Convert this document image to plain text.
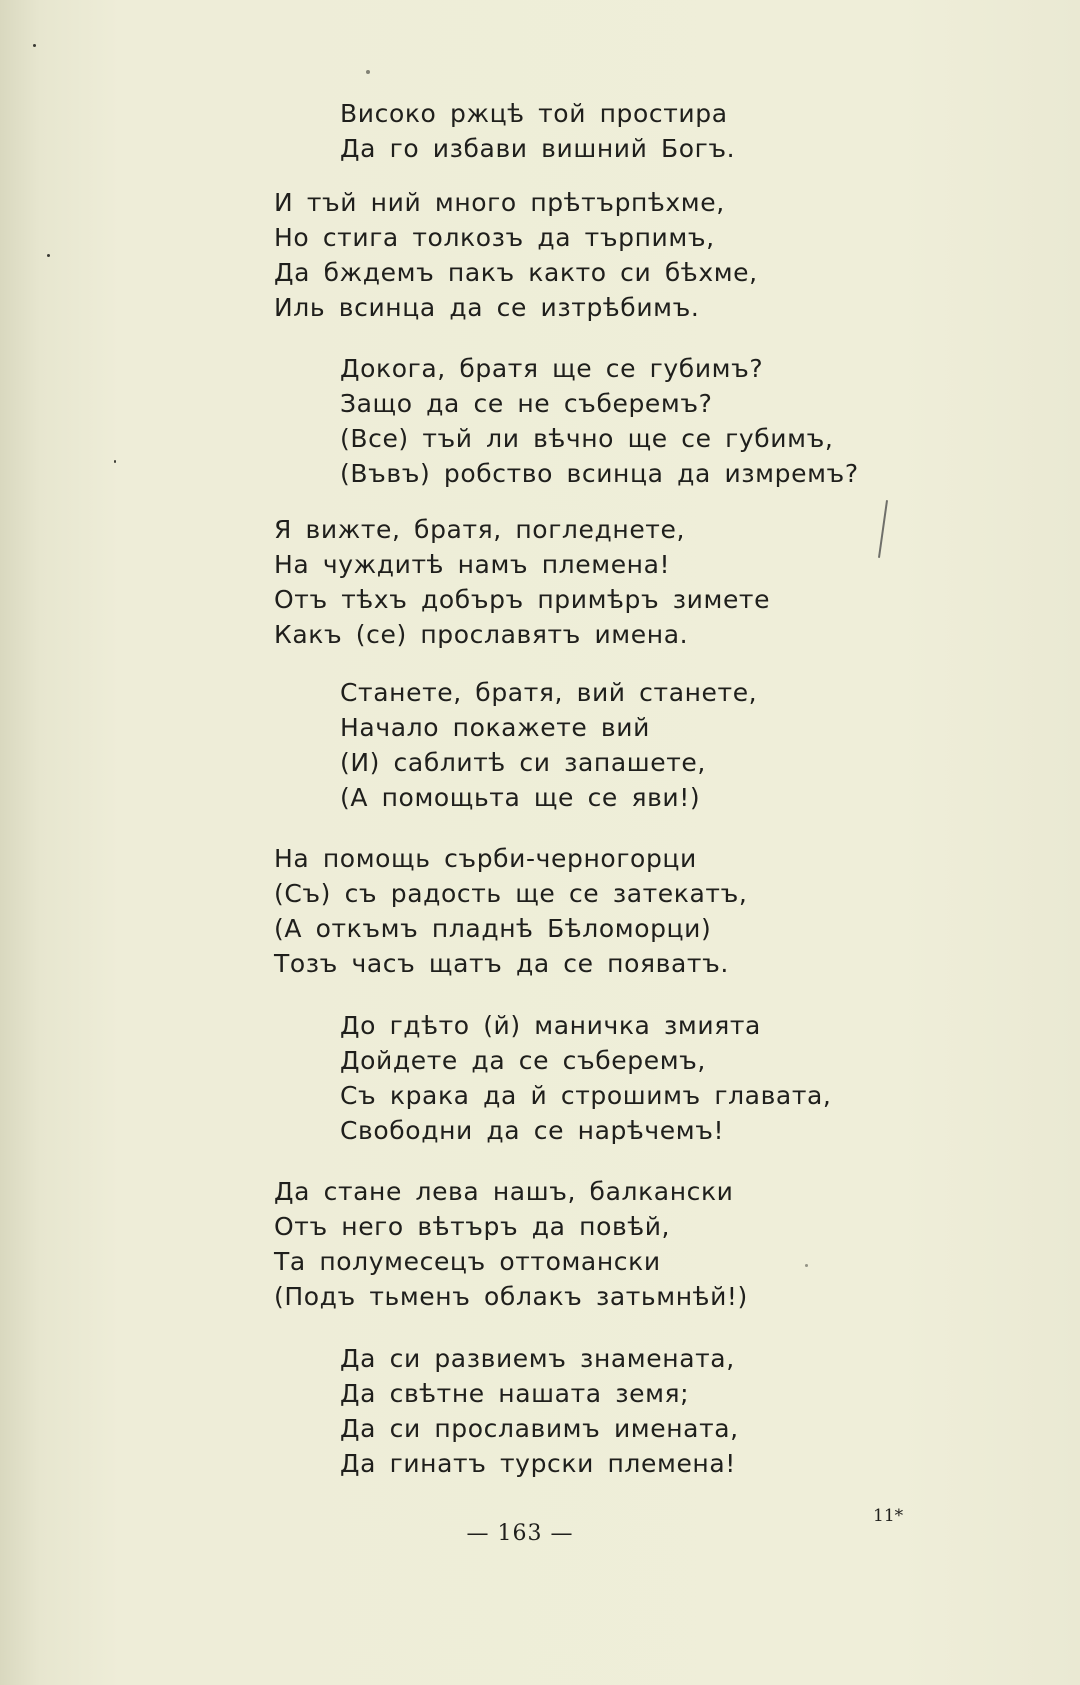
Високо ржцѣ той простира
Да го избави вишний Богъ.
И тъй ний много прѣтърпѣхме,
Но стига толкозъ да търпимъ,
Да бждемъ пакъ както си бѣхме,
Иль всинца да се изтрѣбимъ.
Докога, братя ще се губимъ?
Защо да се не съберемъ?
(Все) тъй ли вѣчно ще се губимъ,
(Въвъ) робство всинца да измремъ?
Я вижте, братя, погледнете,
На чуждитѣ намъ племена!
Отъ тѣхъ добъръ примѣръ зимете
Какъ (се) прославятъ имена.
Станете, братя, вий станете,
Начало покажете вий
(И) саблитѣ си запашете,
(А помощьта ще се яви!)
На помощь сърби-черногорци
(Съ) съ радость ще се затекатъ,
(А откъмъ пладнѣ Бѣломорци)
Тозъ часъ щатъ да се появатъ.
До гдѣто (й) маничка змията
Дойдете да се съберемъ,
Съ крака да й строшимъ главата,
Свободни да се нарѣчемъ!
Да стане лева нашъ, балкански
Отъ него вѣтъръ да повѣй,
Та полумесецъ оттомански
(Подъ тьменъ облакъ затьмнѣй!)
Да си развиемъ знамената,
Да свѣтне нашата земя;
Да си прославимъ имената,
Да гинатъ турски племена!
11*
— 163 —
